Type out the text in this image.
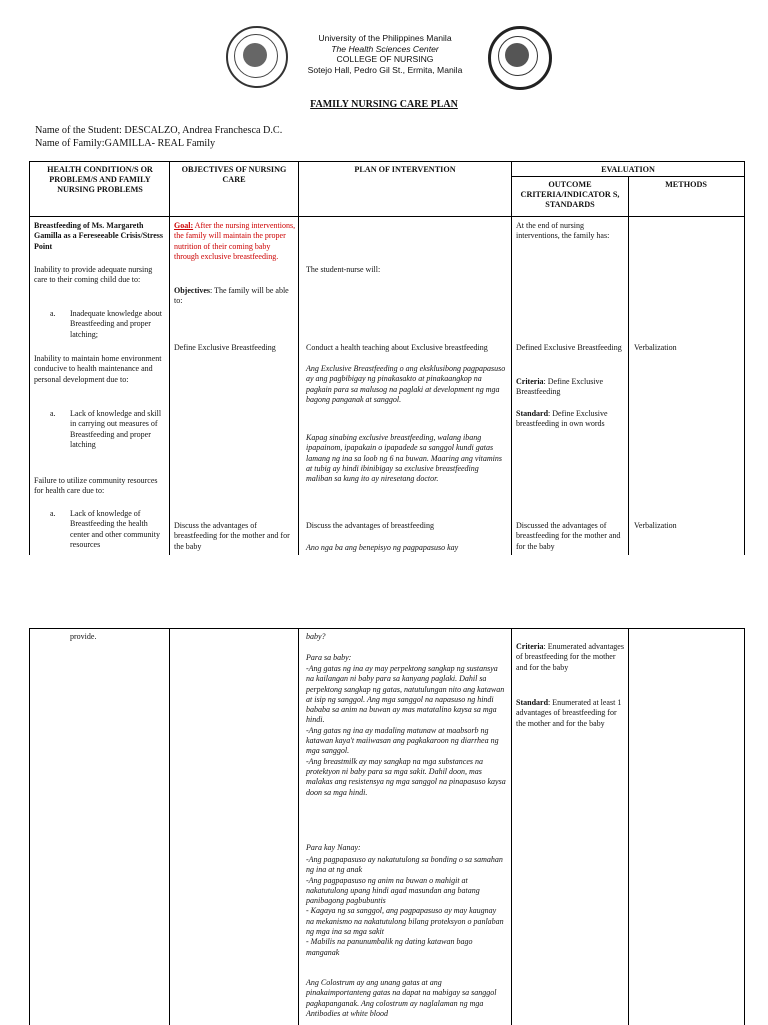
University of the Philippines Manila
The Health Sciences Center
COLLEGE OF NURSING
Sotejo Hall, Pedro Gil St., Ermita, Manila
FAMILY NURSING CARE PLAN
Name of the Student: DESCALZO, Andrea Franchesca D.C.
Name of Family:GAMILLA- REAL Family
HEALTH CONDITION/S OR PROBLEM/S AND FAMILY NURSING PROBLEMS
OBJECTIVES OF NURSING CARE
PLAN OF INTERVENTION	EVALUATION
OUTCOME CRITERIA/INDICATOR S, STANDARDS
METHODS
Breastfeeding of Ms. Margareth Gamilla as a Fereseeable Crisis/Stress Point
Inability to provide adequate nursing care to their coming child due to:
a. Inadequate knowledge about Breastfeeding and proper latching;
Inability to maintain home environment conducive to health maintenance and personal development due to:
a. Lack of knowledge and skill in carrying out measures of Breastfeeding and proper latching
Failure to utilize community resources for health care due to:
a. Lack of knowledge of Breastfeeding the health center and other community resources
Goal: After the nursing interventions, the family will maintain the proper nutrition of their coming baby through exclusive breastfeeding.
Objectives: The family will be able to:
Define Exclusive Breastfeeding
Discuss the advantages of breastfeeding for the mother and for the baby
The student-nurse will:
Conduct a health teaching about Exclusive breastfeeding
Ang Exclusive Breastfeeding o ang eksklusibong pagpapasuso ay ang pagbibigay ng pinakasakto at pinakaangkop na pagkain para sa malusog na paglaki at development ng mga bagong panganak at sanggol.
Kapag sinabing exclusive breastfeeding, walang ibang ipapainom, ipapakain o ipapadede sa sanggol kundi gatas lamang ng ina sa loob ng 6 na buwan. Maaring ang vitamins at tubig ay hindi ibinibigay sa exclusive breastfeeding maliban sa kung ito ay niresetang doctor.
Discuss the advantages of breastfeeding
Ano nga ba ang benepisyo ng pagpapasuso kay
At the end of nursing interventions, the family has:
Defined Exclusive Breastfeeding
Criteria: Define Exclusive Breastfeeding
Standard: Define Exclusive breastfeeding in own words
Discussed the advantages of breastfeeding for the mother and for the baby
Verbalization
Verbalization
provide.	baby?
Para sa baby:
-Ang gatas ng ina ay may perpektong sangkap ng sustansya na kailangan ni baby para sa kanyang paglaki. Dahil sa perpektong sangkap ng gatas, natutulungan nito ang katawan at isip ng sanggol. Ang mga sanggol na napasuso ng hindi bababa sa anim na buwan ay mas matatalino kaysa sa mga hindi.
-Ang gatas ng ina ay madaling matunaw at maabsorb ng katawan kaya't maiiwasan ang pagkakaroon ng diarrhea ng mga sanggol.
-Ang breastmilk ay may sangkap na mga substances na protektyon ni baby para sa mga sakit. Dahil doon, mas malakas ang resistensya ng mga sanggol na pinapasuso kaysa doon sa mga hindi.
Para kay Nanay:
-Ang pagpapasuso ay nakatutulong sa bonding o sa samahan ng ina at ng anak
-Ang pagpapasuso ng anim na buwan o mahigit at nakatutulong upang hindi agad masundan ang batang panibagong pagbubuntis
- Kagaya ng sa sanggol, ang pagpapasuso ay may kaugnay na mekanismo na nakatutulong bilang proteksyon o panlaban ng mga ina sa mga sakit
- Mabilis na panunumbalik ng dating katawan bago manganak
Ang Colostrum ay ang unang gatas at ang pinakaimportanteng gatas na dapat na mabigay sa sanggol pagkapanganak. Ang colostrum ay naglalaman ng mga Antibodies at white blood
Criteria: Enumerated advantages of breastfeeding for the mother and for the baby
Standard: Enumerated at least 1 advantages of breastfeeding for the mother and for the baby
